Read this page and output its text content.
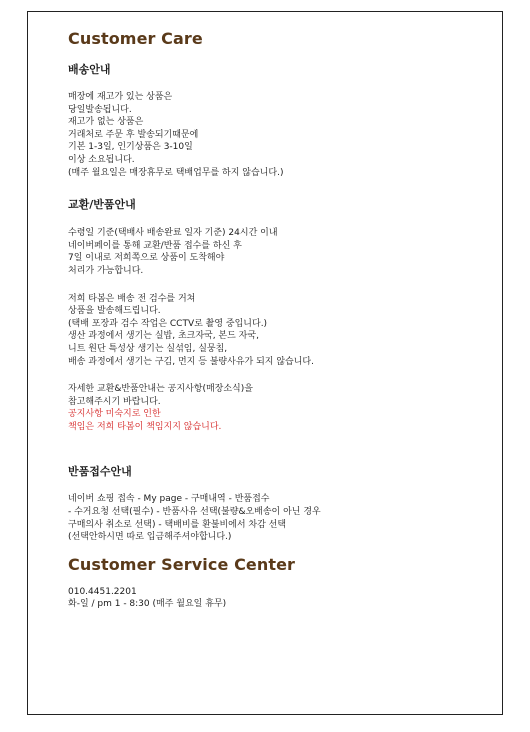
Customer Care
배송안내

매장에 재고가 있는 상품은
당일발송됩니다.
재고가 없는 상품은
거래처로 주문 후 발송되기때문에
기본 1-3일, 인기상품은 3-10일
이상 소요됩니다.
(매주 월요일은 매장휴무로 택배업무를 하지 않습니다.)

교환/반품안내

수령일 기준(택배사 배송완료 일자 기준) 24시간 이내
네이버페이를 통해 교환/반품 접수를 하신 후
7일 이내로 저희쪽으로 상품이 도착해야
처리가 가능합니다.

저희 타봄은 배송 전 검수를 거쳐
상품을 발송해드립니다.
(택배 포장과 검수 작업은 CCTV로 촬영 중입니다.)
생산 과정에서 생기는 실밥, 초크자국, 본드 자국,
니트 원단 특성상 생기는 실섞임, 실뭉침,
배송 과정에서 생기는 구김, 먼지 등 불량사유가 되지 않습니다.

자세한 교환&반품안내는 공지사항(매장소식)을
참고해주시기 바랍니다.
공지사항 미숙지로 인한
책임은 저희 타봄이 책임지지 않습니다.

반품접수안내

네이버 쇼핑 접속 - My page - 구매내역 - 반품접수
- 수거요청 선택(필수) - 반품사유 선택(불량&오배송이 아닌 경우
구매의사 취소로 선택) - 택배비를 환불비에서 차감 선택
(선택안하시면 따로 입금해주셔야합니다.)

Customer Service Center

010.4451.2201
화-일 / pm 1 - 8:30 (매주 월요일 휴무)
